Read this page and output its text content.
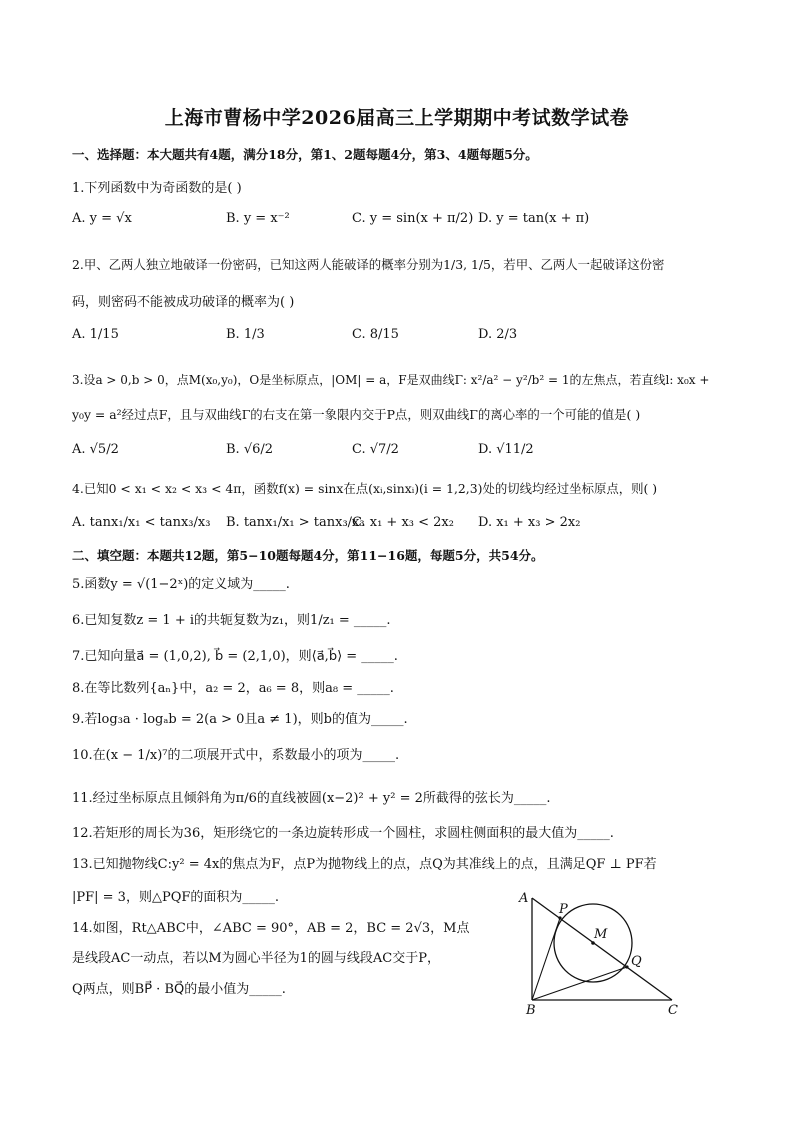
上海市曹杨中学2026届高三上学期期中考试数学试卷
一、选择题：本大题共有4题，满分18分，第1、2题每题4分，第3、4题每题5分。
1.下列函数中为奇函数的是( )
A. y = √x	B. y = x⁻²	C. y = sin(x + π/2) D. y = tan(x + π)
2.甲、乙两人独立地破译一份密码，已知这两人能破译的概率分别为1/3, 1/5，若甲、乙两人一起破译这份密
码，则密码不能被成功破译的概率为( )
A. 1/15	B. 1/3	C. 8/15	D. 2/3
3.设a > 0,b > 0，点M(x₀,y₀)，O是坐标原点，|OM| = a，F是双曲线Γ: x²/a² − y²/b² = 1的左焦点，若直线l: x₀x +
y₀y = a²经过点F，且与双曲线Γ的右支在第一象限内交于P点，则双曲线Γ的离心率的一个可能的值是( )
A. √5/2	B. √6/2	C. √7/2	D. √11/2
4.已知0 < x₁ < x₂ < x₃ < 4π，函数f(x) = sinx在点(xᵢ,sinxᵢ)(i = 1,2,3)处的切线均经过坐标原点，则( )
A. tanx₁/x₁ < tanx₃/x₃ B. tanx₁/x₁ > tanx₃/x₃
C. x₁ + x₃ < 2x₂ D. x₁ + x₃ > 2x₂
二、填空题：本题共12题，第5−10题每题4分，第11−16题，每题5分，共54分。
5.函数y = √(1−2ˣ)的定义域为_____.
6.已知复数z = 1 + i的共轭复数为z₁，则1/z₁ = _____.
7.已知向量a⃗ = (1,0,2), b⃗ = (2,1,0)，则⟨a⃗,b⃗⟩ = _____.
8.在等比数列{aₙ}中，a₂ = 2，a₆ = 8，则a₈ = _____.
9.若log₃a · logₐb = 2(a > 0且a ≠ 1)，则b的值为_____.
10.在(x − 1/x)⁷的二项展开式中，系数最小的项为_____.
11.经过坐标原点且倾斜角为π/6的直线被圆(x−2)² + y² = 2所截得的弦长为_____.
12.若矩形的周长为36，矩形绕它的一条边旋转形成一个圆柱，求圆柱侧面积的最大值为_____.
13.已知抛物线C:y² = 4x的焦点为F，点P为抛物线上的点，点Q为其准线上的点，且满足QF ⊥ PF若
|PF| = 3，则△PQF的面积为_____.
14.如图，Rt△ABC中，∠ABC = 90°，AB = 2，BC = 2√3，M点
是线段AC一动点，若以M为圆心半径为1的圆与线段AC交于P，
Q两点，则BP⃗ · BQ⃗的最小值为_____.
A
B	C
P
Q
M
